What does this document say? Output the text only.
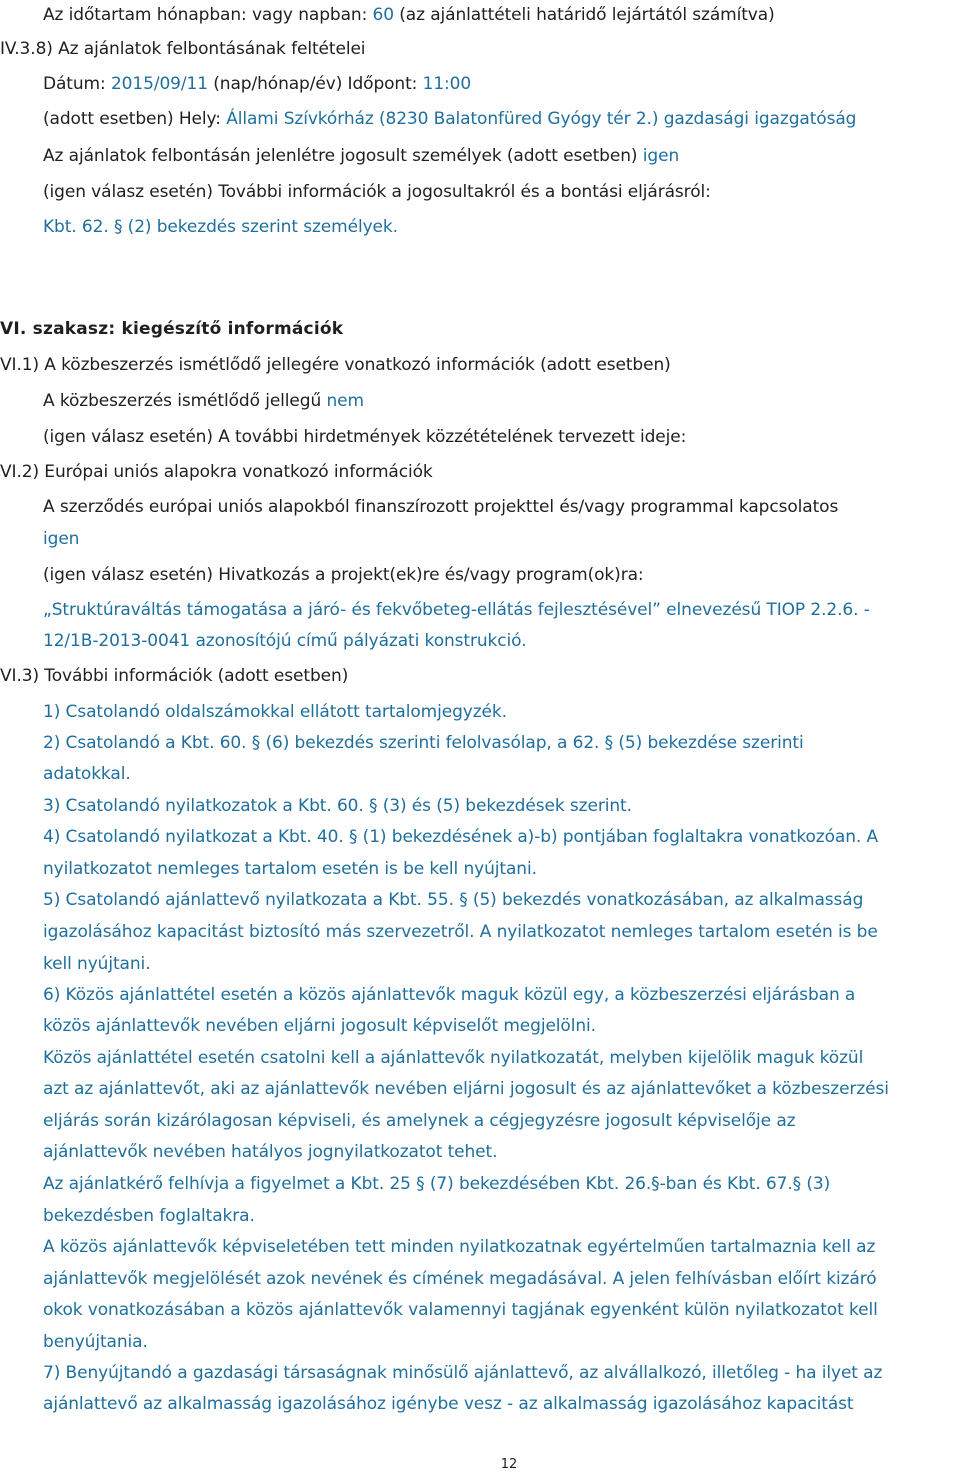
Az időtartam hónapban: vagy napban: 60 (az ajánlattételi határidő lejártától számítva)
IV.3.8) Az ajánlatok felbontásának feltételei
Dátum: 2015/09/11 (nap/hónap/év) Időpont: 11:00
(adott esetben) Hely: Állami Szívkórház (8230 Balatonfüred Gyógy tér 2.) gazdasági igazgatóság
Az ajánlatok felbontásán jelenlétre jogosult személyek (adott esetben) igen
(igen válasz esetén) További információk a jogosultakról és a bontási eljárásról:
Kbt. 62. § (2) bekezdés szerint személyek.
VI. szakasz: kiegészítő információk
VI.1) A közbeszerzés ismétlődő jellegére vonatkozó információk (adott esetben)
A közbeszerzés ismétlődő jellegű nem
(igen válasz esetén) A további hirdetmények közzétételének tervezett ideje:
VI.2) Európai uniós alapokra vonatkozó információk
A szerződés európai uniós alapokból finanszírozott projekttel és/vagy programmal kapcsolatos
igen
(igen válasz esetén) Hivatkozás a projekt(ek)re és/vagy program(ok)ra:
„Struktúraváltás támogatása a járó- és fekvőbeteg-ellátás fejlesztésével” elnevezésű TIOP 2.2.6. -
12/1B-2013-0041 azonosítójú című pályázati konstrukció.
VI.3) További információk (adott esetben)
1) Csatolandó oldalszámokkal ellátott tartalomjegyzék.
2) Csatolandó a Kbt. 60. § (6) bekezdés szerinti felolvasólap, a 62. § (5) bekezdése szerinti
adatokkal.
3) Csatolandó nyilatkozatok a Kbt. 60. § (3) és (5) bekezdések szerint.
4) Csatolandó nyilatkozat a Kbt. 40. § (1) bekezdésének a)-b) pontjában foglaltakra vonatkozóan. A
nyilatkozatot nemleges tartalom esetén is be kell nyújtani.
5) Csatolandó ajánlattevő nyilatkozata a Kbt. 55. § (5) bekezdés vonatkozásában, az alkalmasság
igazolásához kapacitást biztosító más szervezetről. A nyilatkozatot nemleges tartalom esetén is be
kell nyújtani.
6) Közös ajánlattétel esetén a közös ajánlattevők maguk közül egy, a közbeszerzési eljárásban a
közös ajánlattevők nevében eljárni jogosult képviselőt megjelölni.
Közös ajánlattétel esetén csatolni kell a ajánlattevők nyilatkozatát, melyben kijelölik maguk közül
azt az ajánlattevőt, aki az ajánlattevők nevében eljárni jogosult és az ajánlattevőket a közbeszerzési
eljárás során kizárólagosan képviseli, és amelynek a cégjegyzésre jogosult képviselője az
ajánlattevők nevében hatályos jognyilatkozatot tehet.
Az ajánlatkérő felhívja a figyelmet a Kbt. 25 § (7) bekezdésében Kbt. 26.§-ban és Kbt. 67.§ (3)
bekezdésben foglaltakra.
A közös ajánlattevők képviseletében tett minden nyilatkozatnak egyértelműen tartalmaznia kell az
ajánlattevők megjelölését azok nevének és címének megadásával. A jelen felhívásban előírt kizáró
okok vonatkozásában a közös ajánlattevők valamennyi tagjának egyenként külön nyilatkozatot kell
benyújtania.
7) Benyújtandó a gazdasági társaságnak minősülő ajánlattevő, az alvállalkozó, illetőleg - ha ilyet az
ajánlattevő az alkalmasság igazolásához igénybe vesz - az alkalmasság igazolásához kapacitást
12
